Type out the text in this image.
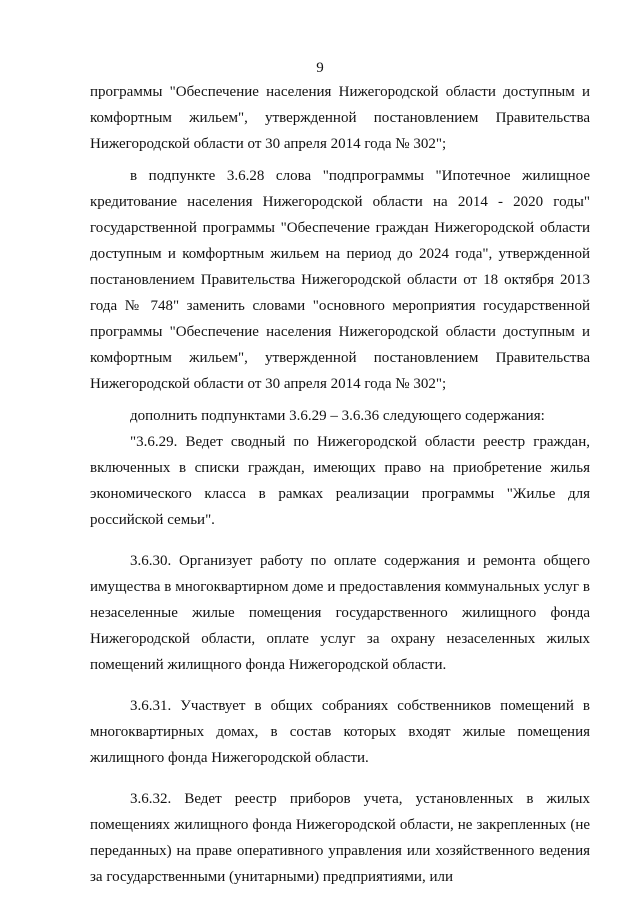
9

программы "Обеспечение населения Нижегородской области доступным и комфортным жильем", утвержденной постановлением Правительства Нижегородской области от 30 апреля 2014 года № 302";

в подпункте 3.6.28 слова "подпрограммы "Ипотечное жилищное кредитование населения Нижегородской области на 2014 - 2020 годы" государственной программы "Обеспечение граждан Нижегородской области доступным и комфортным жильем на период до 2024 года", утвержденной постановлением Правительства Нижегородской области от 18 октября 2013 года № 748" заменить словами "основного мероприятия государственной программы "Обеспечение населения Нижегородской области доступным и комфортным жильем", утвержденной постановлением Правительства Нижегородской области от 30 апреля 2014 года № 302";

дополнить подпунктами 3.6.29 – 3.6.36 следующего содержания:

"3.6.29. Ведет сводный по Нижегородской области реестр граждан, включенных в списки граждан, имеющих право на приобретение жилья экономического класса в рамках реализации программы "Жилье для российской семьи".

3.6.30. Организует работу по оплате содержания и ремонта общего имущества в многоквартирном доме и предоставления коммунальных услуг в незаселенные жилые помещения государственного жилищного фонда Нижегородской области, оплате услуг за охрану незаселенных жилых помещений жилищного фонда Нижегородской области.

3.6.31. Участвует в общих собраниях собственников помещений в многоквартирных домах, в состав которых входят жилые помещения жилищного фонда Нижегородской области.

3.6.32. Ведет реестр приборов учета, установленных в жилых помещениях жилищного фонда Нижегородской области, не закрепленных (не переданных) на праве оперативного управления или хозяйственного ведения за государственными (унитарными) предприятиями, или
